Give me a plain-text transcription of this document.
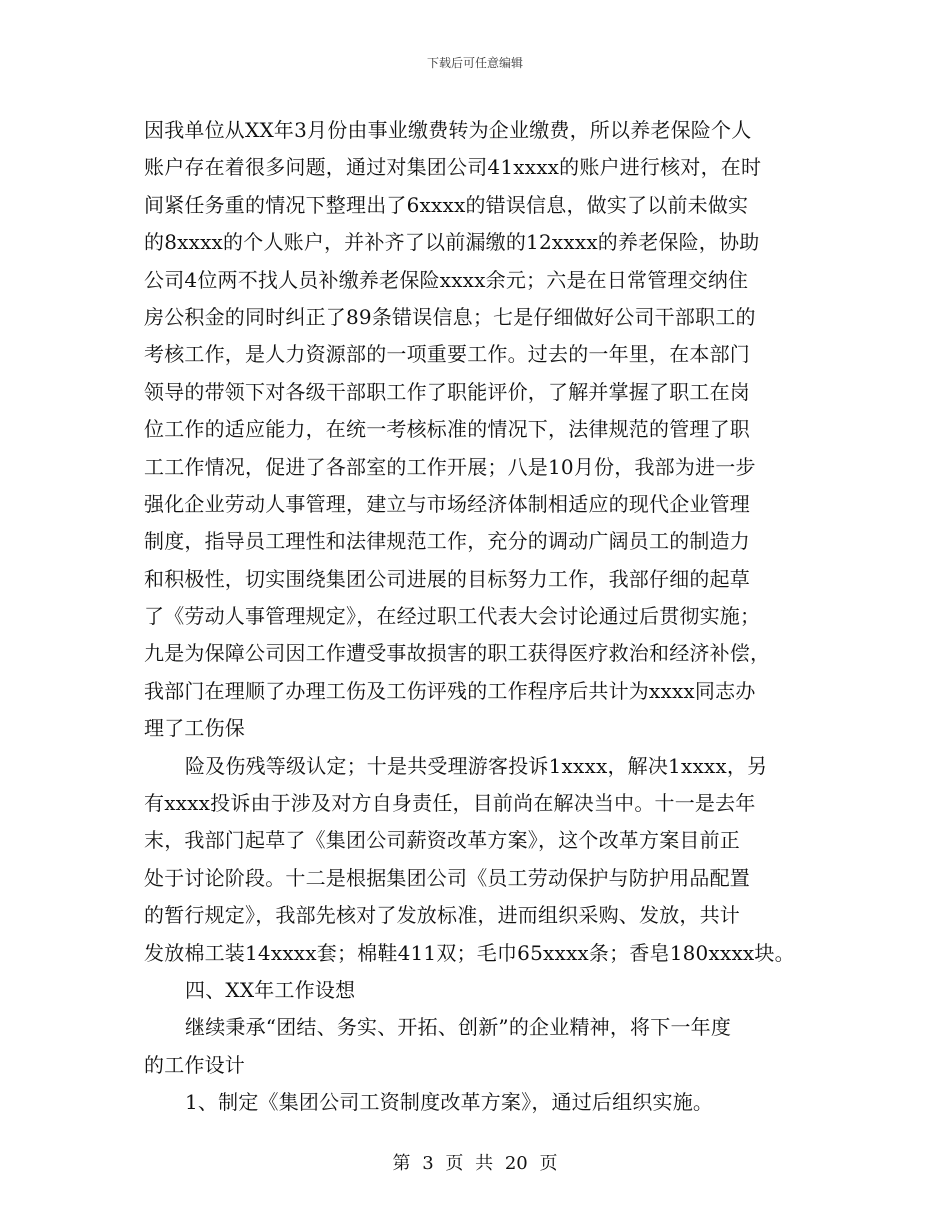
下载后可任意编辑
因我单位从XX年3月份由事业缴费转为企业缴费，所以养老保险个人
账户存在着很多问题，通过对集团公司41xxxx的账户进行核对，在时
间紧任务重的情况下整理出了6xxxx的错误信息，做实了以前未做实
的8xxxx的个人账户，并补齐了以前漏缴的12xxxx的养老保险，协助
公司4位两不找人员补缴养老保险xxxx余元；六是在日常管理交纳住
房公积金的同时纠正了89条错误信息；七是仔细做好公司干部职工的
考核工作，是人力资源部的一项重要工作。过去的一年里，在本部门
领导的带领下对各级干部职工作了职能评价，了解并掌握了职工在岗
位工作的适应能力，在统一考核标准的情况下，法律规范的管理了职
工工作情况，促进了各部室的工作开展；八是10月份，我部为进一步
强化企业劳动人事管理，建立与市场经济体制相适应的现代企业管理
制度，指导员工理性和法律规范工作，充分的调动广阔员工的制造力
和积极性，切实围绕集团公司进展的目标努力工作，我部仔细的起草
了《劳动人事管理规定》，在经过职工代表大会讨论通过后贯彻实施；
九是为保障公司因工作遭受事故损害的职工获得医疗救治和经济补偿，
我部门在理顺了办理工伤及工伤评残的工作程序后共计为xxxx同志办
理了工伤保
险及伤残等级认定；十是共受理游客投诉1xxxx，解决1xxxx，另
有xxxx投诉由于涉及对方自身责任，目前尚在解决当中。十一是去年
末，我部门起草了《集团公司薪资改革方案》，这个改革方案目前正
处于讨论阶段。十二是根据集团公司《员工劳动保护与防护用品配置
的暂行规定》，我部先核对了发放标准，进而组织采购、发放，共计
发放棉工装14xxxx套；棉鞋411双；毛巾65xxxx条；香皂180xxxx块。
四、XX年工作设想
继续秉承“团结、务实、开拓、创新”的企业精神，将下一年度
的工作设计
1、制定《集团公司工资制度改革方案》，通过后组织实施。
第 3 页 共 20 页
